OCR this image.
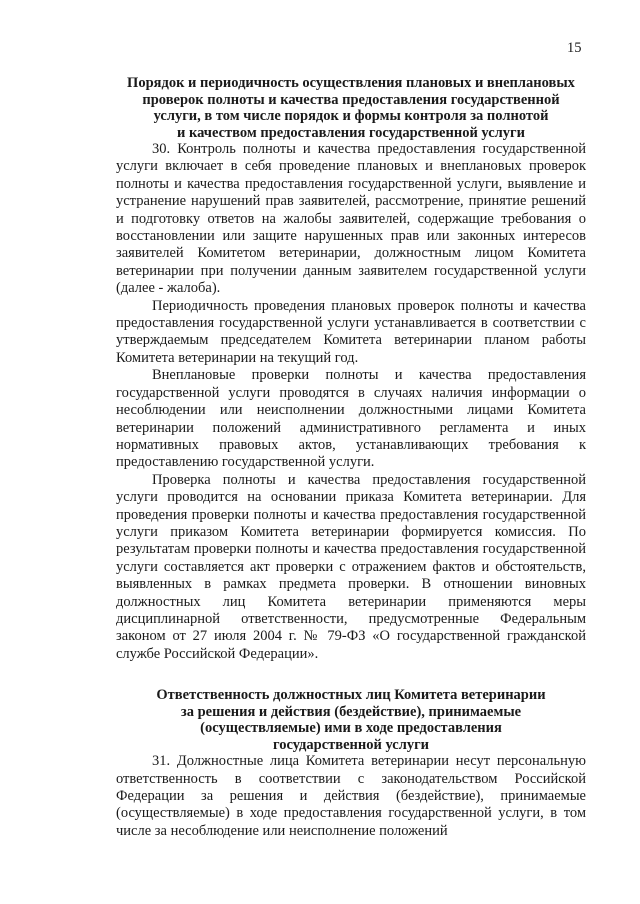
15
Порядок и периодичность осуществления плановых и внеплановых
проверок полноты и качества предоставления государственной
услуги, в том числе порядок и формы контроля за полнотой
и качеством предоставления государственной услуги

30. Контроль полноты и качества предоставления государственной услуги включает в себя проведение плановых и внеплановых проверок полноты и качества предоставления государственной услуги, выявление и устранение нарушений прав заявителей, рассмотрение, принятие решений и подготовку ответов на жалобы заявителей, содержащие требования о восстановлении или защите нарушенных прав или законных интересов заявителей Комитетом ветеринарии, должностным лицом Комитета ветеринарии при получении данным заявителем государственной услуги (далее - жалоба).

Периодичность проведения плановых проверок полноты и качества предоставления государственной услуги устанавливается в соответствии с утверждаемым председателем Комитета ветеринарии планом работы Комитета ветеринарии на текущий год.

Внеплановые проверки полноты и качества предоставления государственной услуги проводятся в случаях наличия информации о несоблюдении или неисполнении должностными лицами Комитета ветеринарии положений административного регламента и иных нормативных правовых актов, устанавливающих требования к предоставлению государственной услуги.

Проверка полноты и качества предоставления государственной услуги проводится на основании приказа Комитета ветеринарии. Для проведения проверки полноты и качества предоставления государственной услуги приказом Комитета ветеринарии формируется комиссия. По результатам проверки полноты и качества предоставления государственной услуги составляется акт проверки с отражением фактов и обстоятельств, выявленных в рамках предмета проверки. В отношении виновных должностных лиц Комитета ветеринарии применяются меры дисциплинарной ответственности, предусмотренные Федеральным законом от 27 июля 2004 г. № 79-ФЗ «О государственной гражданской службе Российской Федерации».

Ответственность должностных лиц Комитета ветеринарии
за решения и действия (бездействие), принимаемые
(осуществляемые) ими в ходе предоставления
государственной услуги

31. Должностные лица Комитета ветеринарии несут персональную ответственность в соответствии с законодательством Российской Федерации за решения и действия (бездействие), принимаемые (осуществляемые) в ходе предоставления государственной услуги, в том числе за несоблюдение или неисполнение положений
